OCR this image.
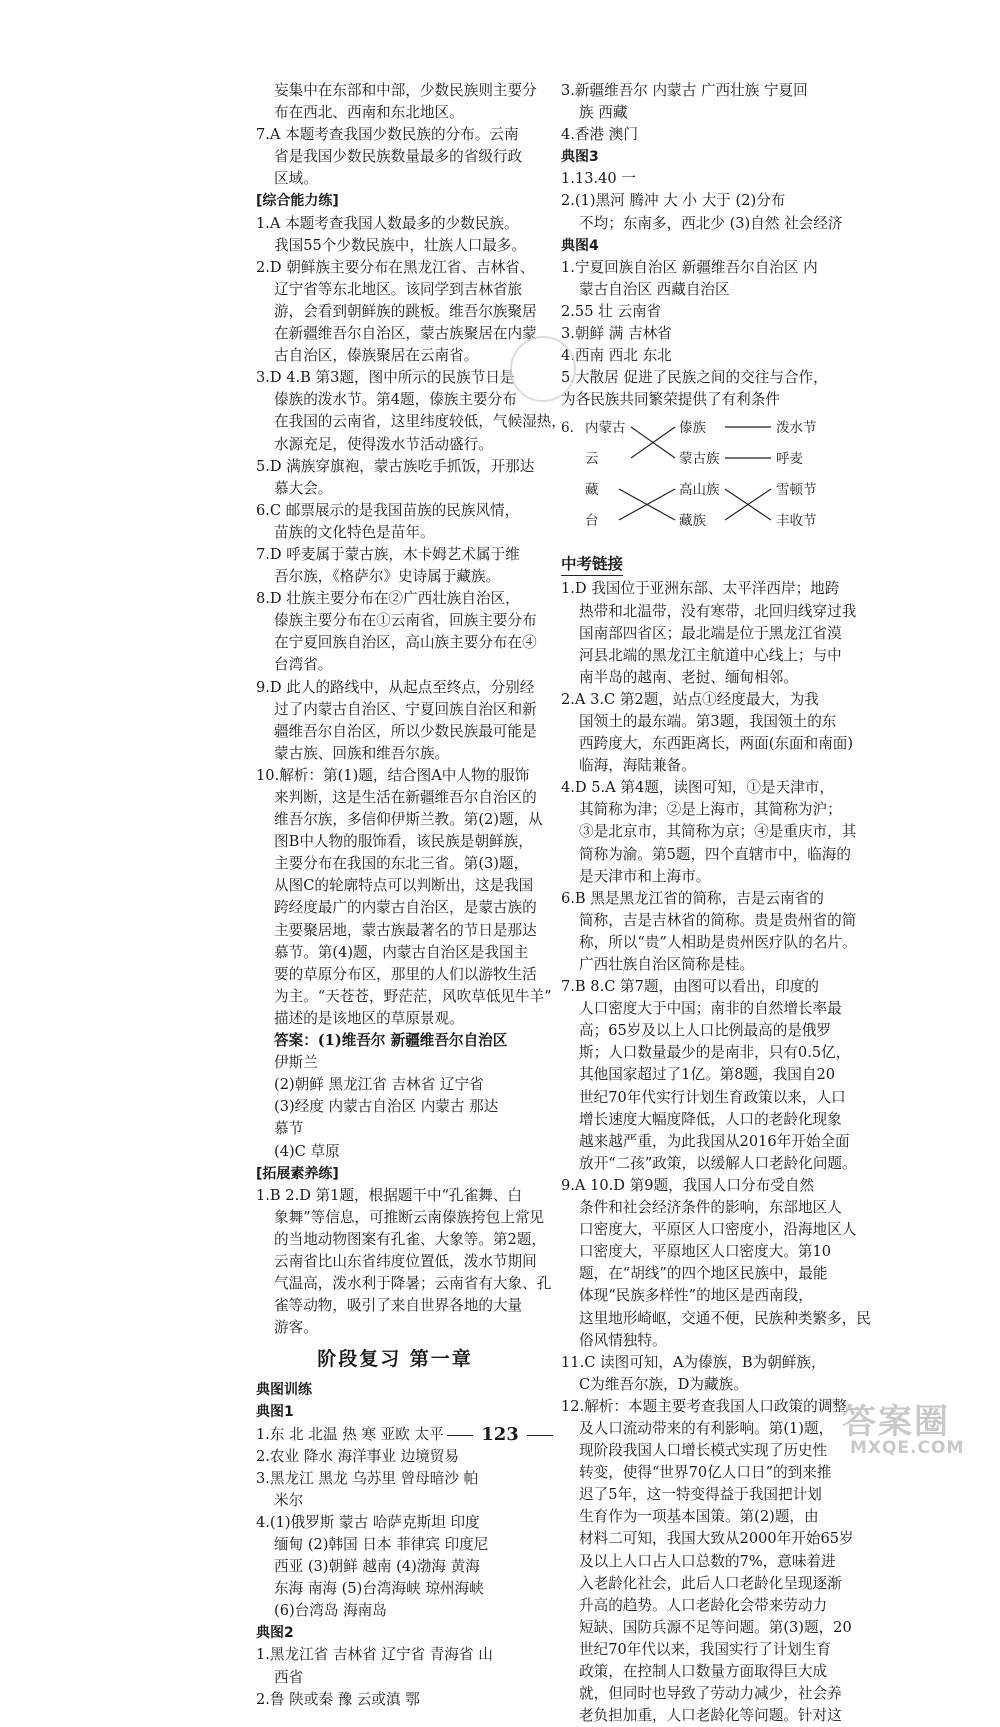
妄集中在东部和中部，少数民族则主要分
布在西北、西南和东北地区。
7.A 本题考查我国少数民族的分布。云南
省是我国少数民族数量最多的省级行政
区域。
[综合能力练]
1.A 本题考查我国人数最多的少数民族。
我国55个少数民族中，壮族人口最多。
2.D 朝鲜族主要分布在黑龙江省、吉林省、
辽宁省等东北地区。该同学到吉林省旅
游，会看到朝鲜族的跳板。维吾尔族聚居
在新疆维吾尔自治区，蒙古族聚居在内蒙
古自治区，傣族聚居在云南省。
3.D 4.B 第3题，图中所示的民族节日是
傣族的泼水节。第4题，傣族主要分布
在我国的云南省，这里纬度较低，气候湿热，
水源充足，使得泼水节活动盛行。
5.D 满族穿旗袍，蒙古族吃手抓饭，开那达
慕大会。
6.C 邮票展示的是我国苗族的民族风情，
苗族的文化特色是苗年。
7.D 呼麦属于蒙古族，木卡姆艺术属于维
吾尔族，《格萨尔》史诗属于藏族。
8.D 壮族主要分布在②广西壮族自治区，
傣族主要分布在①云南省，回族主要分布
在宁夏回族自治区，高山族主要分布在④
台湾省。
9.D 此人的路线中，从起点至终点，分别经
过了内蒙古自治区、宁夏回族自治区和新
疆维吾尔自治区，所以少数民族最可能是
蒙古族、回族和维吾尔族。
10.解析：第(1)题，结合图A中人物的服饰
来判断，这是生活在新疆维吾尔自治区的
维吾尔族，多信仰伊斯兰教。第(2)题，从
图B中人物的服饰看，该民族是朝鲜族，
主要分布在我国的东北三省。第(3)题，
从图C的轮廓特点可以判断出，这是我国
跨经度最广的内蒙古自治区，是蒙古族的
主要聚居地，蒙古族最著名的节日是那达
慕节。第(4)题，内蒙古自治区是我国主
要的草原分布区，那里的人们以游牧生活
为主。“天苍苍，野茫茫，风吹草低见牛羊”
描述的是该地区的草原景观。
答案：(1)维吾尔 新疆维吾尔自治区
伊斯兰
(2)朝鲜 黑龙江省 吉林省 辽宁省
(3)经度 内蒙古自治区 内蒙古 那达
慕节
(4)C 草原
[拓展素养练]
1.B 2.D 第1题，根据题干中“孔雀舞、白
象舞”等信息，可推断云南傣族挎包上常见
的当地动物图案有孔雀、大象等。第2题，
云南省比山东省纬度位置低，泼水节期间
气温高，泼水利于降暑；云南省有大象、孔
雀等动物，吸引了来自世界各地的大量
游客。
阶段复习 第一章
典图训练
典图1
1.东 北 北温 热 寒 亚欧 太平
2.农业 降水 海洋事业 边境贸易
3.黑龙江 黑龙 乌苏里 曾母暗沙 帕
米尔
4.(1)俄罗斯 蒙古 哈萨克斯坦 印度
缅甸 (2)韩国 日本 菲律宾 印度尼
西亚 (3)朝鲜 越南 (4)渤海 黄海
东海 南海 (5)台湾海峡 琼州海峡
(6)台湾岛 海南岛
典图2
1.黑龙江省 吉林省 辽宁省 青海省 山
西省
2.鲁 陕或秦 豫 云或滇 鄂
3.新疆维吾尔 内蒙古 广西壮族 宁夏回
族 西藏
4.香港 澳门
典图3
1.13.40 一
2.(1)黑河 腾冲 大 小 大于 (2)分布
不均；东南多，西北少 (3)自然 社会经济
典图4
1.宁夏回族自治区 新疆维吾尔自治区 内
蒙古自治区 西藏自治区
2.55 壮 云南省
3.朝鲜 满 吉林省
4.西南 西北 东北
5.大散居 促进了民族之间的交往与合作，
为各民族共同繁荣提供了有利条件
6. 内蒙古
云
藏
台
傣族
蒙古族
高山族
藏族
泼水节
呼麦
雪顿节
丰收节
中考链接
1.D 我国位于亚洲东部、太平洋西岸；地跨
热带和北温带，没有寒带，北回归线穿过我
国南部四省区；最北端是位于黑龙江省漠
河县北端的黑龙江主航道中心线上；与中
南半岛的越南、老挝、缅甸相邻。
2.A 3.C 第2题，站点①经度最大，为我
国领土的最东端。第3题，我国领土的东
西跨度大，东西距离长，两面(东面和南面)
临海，海陆兼备。
4.D 5.A 第4题，读图可知，①是天津市，
其简称为津；②是上海市，其简称为沪；
③是北京市，其简称为京；④是重庆市，其
简称为渝。第5题，四个直辖市中，临海的
是天津市和上海市。
6.B 黑是黑龙江省的简称，吉是云南省的
简称，吉是吉林省的简称。贵是贵州省的简
称，所以“贵”人相助是贵州医疗队的名片。
广西壮族自治区简称是桂。
7.B 8.C 第7题，由图可以看出，印度的
人口密度大于中国；南非的自然增长率最
高；65岁及以上人口比例最高的是俄罗
斯；人口数量最少的是南非，只有0.5亿，
其他国家超过了1亿。第8题，我国自20
世纪70年代实行计划生育政策以来，人口
增长速度大幅度降低，人口的老龄化现象
越来越严重，为此我国从2016年开始全面
放开“二孩”政策，以缓解人口老龄化问题。
9.A 10.D 第9题，我国人口分布受自然
条件和社会经济条件的影响，东部地区人
口密度大，平原区人口密度小，沿海地区人
口密度大，平原地区人口密度大。第10
题，在“胡线”的四个地区民族中，最能
体现“民族多样性”的地区是西南段，
这里地形崎岖，交通不便，民族种类繁多，民
俗风情独特。
11.C 读图可知，A为傣族，B为朝鲜族，
C为维吾尔族，D为藏族。
12.解析：本题主要考查我国人口政策的调整
及人口流动带来的有利影响。第(1)题，
现阶段我国人口增长模式实现了历史性
转变，使得“世界70亿人口日”的到来推
迟了5年，这一特变得益于我国把计划
生育作为一项基本国策。第(2)题，由
材料二可知，我国大致从2000年开始65岁
及以上人口占人口总数的7%，意味着进
入老龄化社会，此后人口老龄化呈现逐渐
升高的趋势。人口老龄化会带来劳动力
短缺、国防兵源不足等问题。第(3)题，20
世纪70年代以来，我国实行了计划生育
政策，在控制人口数量方面取得巨大成
就，但同时也导致了劳动力减少，社会养
老负担加重，人口老龄化等问题。针对这
123	答案圈
MXQE.COM
